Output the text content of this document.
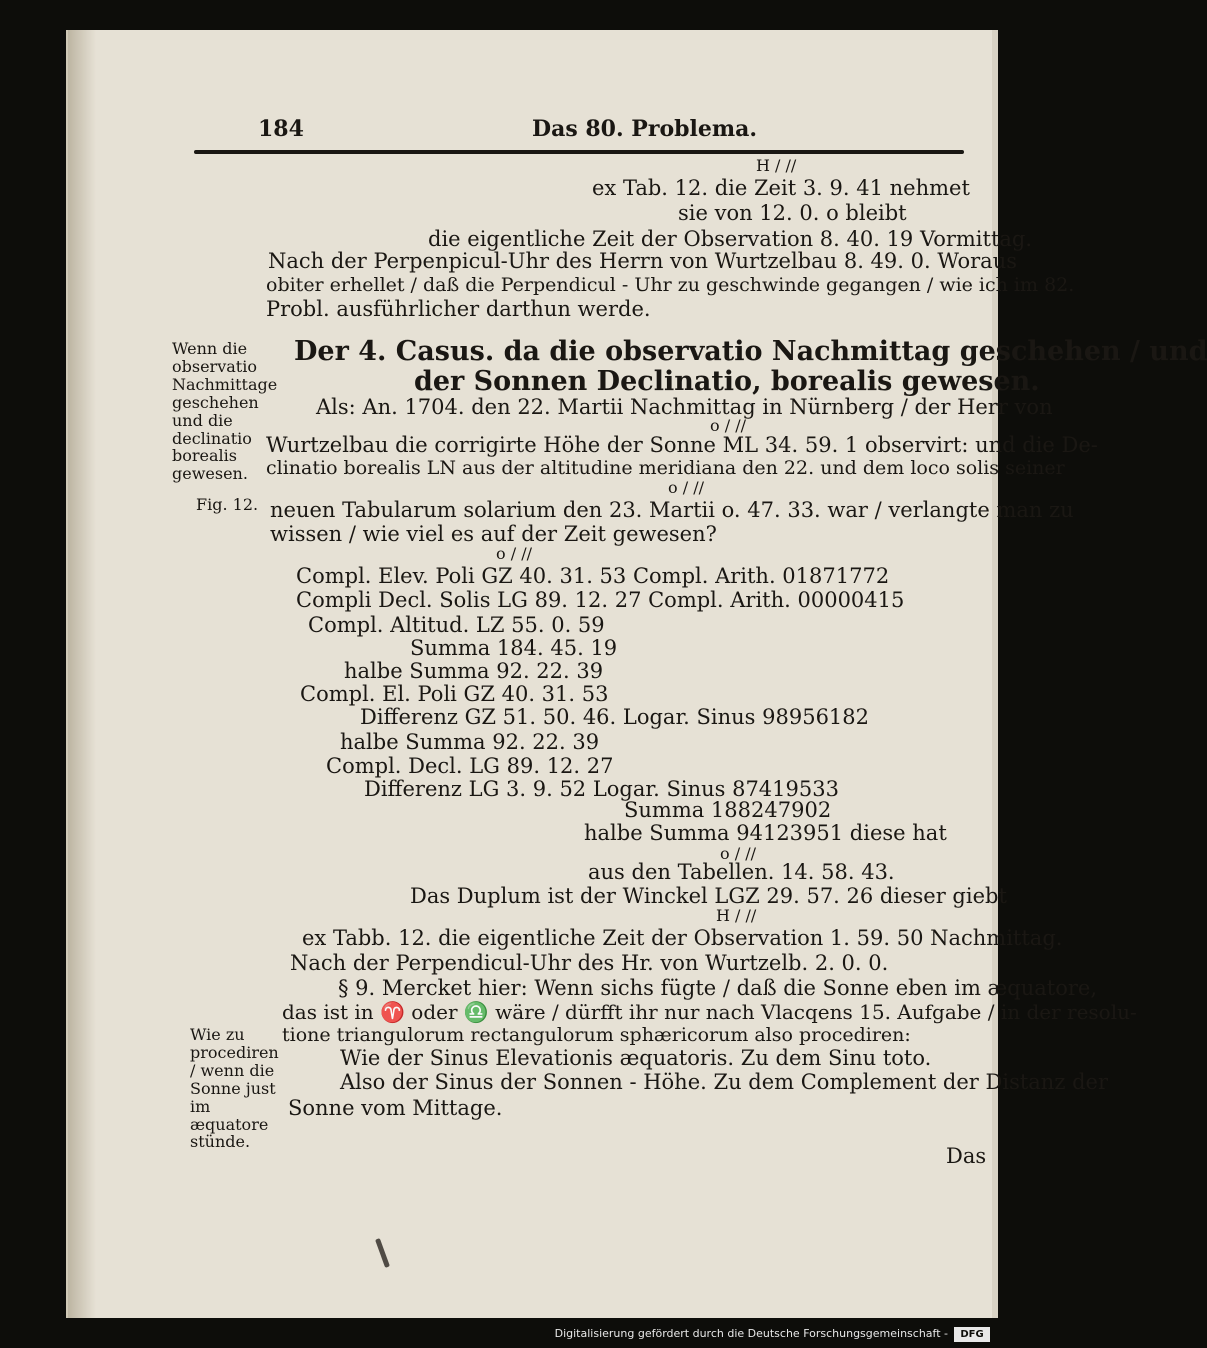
184	Das 80. Problema.
H / //
ex Tab. 12. die Zeit 3. 9. 41 nehmet
sie von 12. 0. o bleibt
die eigentliche Zeit der Observation 8. 40. 19 Vormittag.
Nach der Perpenpicul-Uhr des Herrn von Wurtzelbau 8. 49. 0. Woraus
obiter erhellet / daß die Perpendicul - Uhr zu geschwinde gegangen / wie ich im 82.
Probl. ausführlicher darthun werde.
Der 4. Casus. da die observatio Nachmittag geschehen / und
der Sonnen Declinatio, borealis gewesen.
Als: An. 1704. den 22. Martii Nachmittag in Nürnberg / der Herr von
o / //
Wurtzelbau die corrigirte Höhe der Sonne ML 34. 59. 1 observirt: und die De-
clinatio borealis LN aus der altitudine meridiana den 22. und dem loco solis seiner
o / //
neuen Tabularum solarium den 23. Martii o. 47. 33. war / verlangte man zu
wissen / wie viel es auf der Zeit gewesen?
o / //
Compl. Elev. Poli GZ 40. 31. 53 Compl. Arith. 01871772
Compli Decl. Solis LG 89. 12. 27 Compl. Arith. 00000415
Compl. Altitud. LZ 55. 0. 59
Summa 184. 45. 19
halbe Summa 92. 22. 39
Compl. El. Poli GZ 40. 31. 53
Differenz GZ 51. 50. 46. Logar. Sinus 98956182
halbe Summa 92. 22. 39
Compl. Decl. LG 89. 12. 27
Differenz LG 3. 9. 52 Logar. Sinus 87419533
Summa 188247902
halbe Summa 94123951 diese hat
o / //
aus den Tabellen. 14. 58. 43.
Das Duplum ist der Winckel LGZ 29. 57. 26 dieser giebt
H / //
ex Tabb. 12. die eigentliche Zeit der Observation 1. 59. 50 Nachmittag.
Nach der Perpendicul-Uhr des Hr. von Wurtzelb. 2. 0. 0.
§ 9. Mercket hier: Wenn sichs fügte / daß die Sonne eben im æquatore,
das ist in ♈ oder ♎ wäre / dürfft ihr nur nach Vlacqens 15. Aufgabe / in der resolu-
tione triangulorum rectangulorum sphæricorum also procediren:
Wie der Sinus Elevationis æquatoris. Zu dem Sinu toto.
Also der Sinus der Sonnen - Höhe. Zu dem Complement der Distanz der
Sonne vom Mittage.
Das
Wenn die observatio Nachmittage geschehen und die declinatio borealis gewesen.
Fig. 12.
Wie zu procediren / wenn die Sonne just im æquatore stünde.
Digitalisierung gefördert durch die Deutsche Forschungsgemeinschaft -	DFG
